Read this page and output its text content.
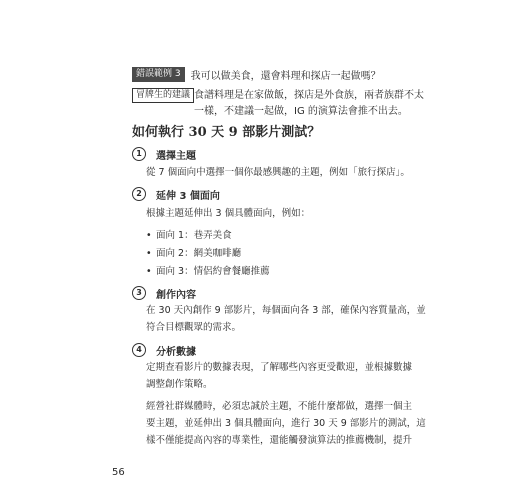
錯誤範例 3	我可以做美食，還會料理和探店一起做嗎？
冒牌生的建議 食譜料理是在家做飯，探店是外食族，兩者族群不太
一樣，不建議一起做，IG 的演算法會推不出去。
如何執行 30 天 9 部影片測試？
1	選擇主題
從 7 個面向中選擇一個你最感興趣的主題，例如「旅行探店」。
2	延伸 3 個面向
根據主題延伸出 3 個具體面向，例如：
• 面向 1：巷弄美食
• 面向 2：網美咖啡廳
• 面向 3：情侶約會餐廳推薦
3	創作內容
在 30 天內創作 9 部影片，每個面向各 3 部，確保內容質量高，並
符合目標觀眾的需求。
4	分析數據
定期查看影片的數據表現，了解哪些內容更受歡迎，並根據數據
調整創作策略。
經營社群媒體時，必須忠誠於主題，不能什麼都做，選擇一個主
要主題，並延伸出 3 個具體面向，進行 30 天 9 部影片的測試，這
樣不僅能提高內容的專業性，還能觸發演算法的推薦機制，提升
56
